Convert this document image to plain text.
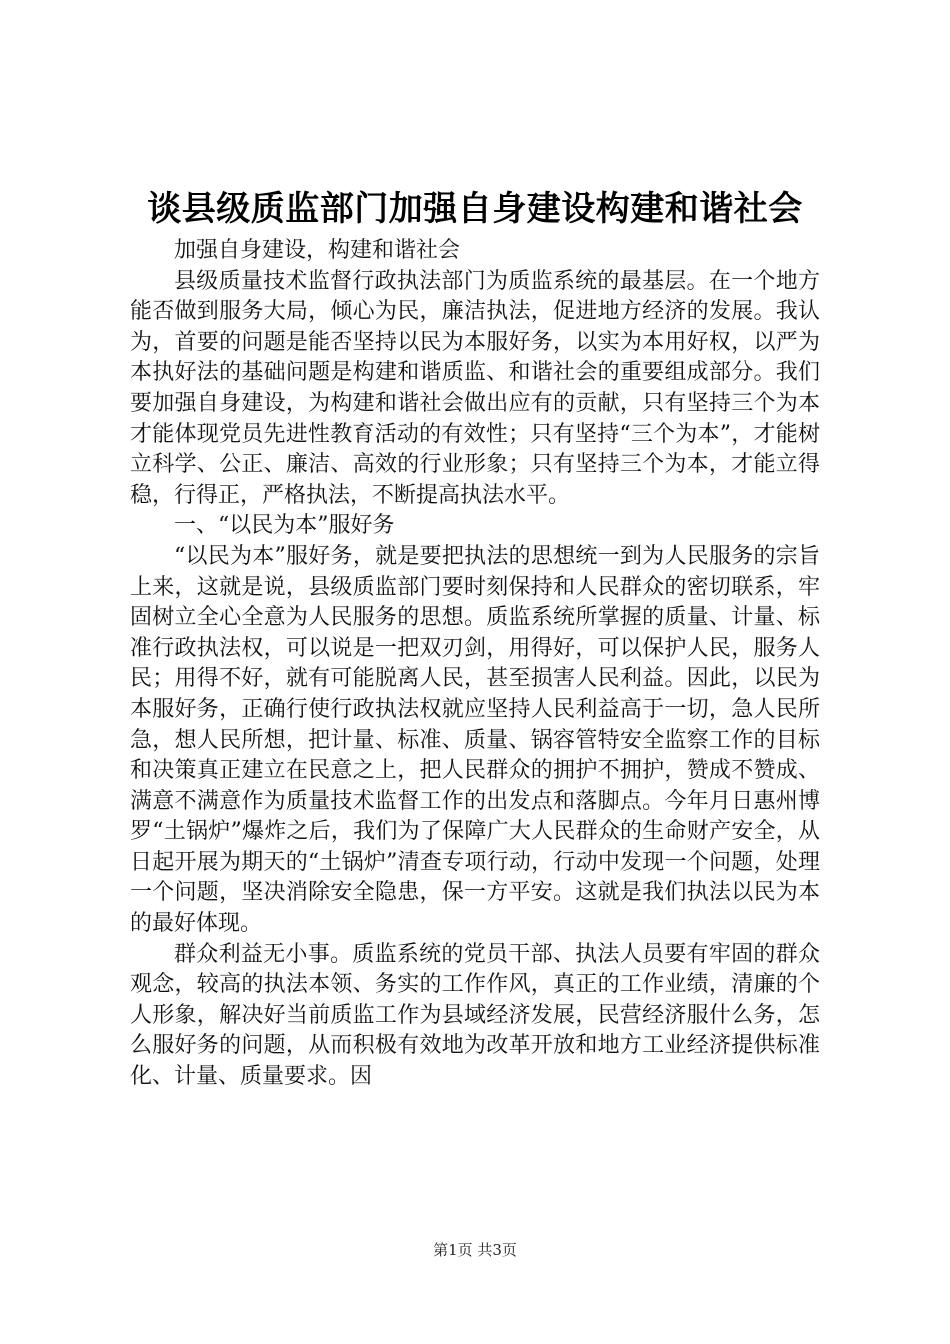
谈县级质监部门加强自身建设构建和谐社会

加强自身建设，构建和谐社会

县级质量技术监督行政执法部门为质监系统的最基层。在一个地方能否做到服务大局，倾心为民，廉洁执法，促进地方经济的发展。我认为，首要的问题是能否坚持以民为本服好务，以实为本用好权，以严为本执好法的基础问题是构建和谐质监、和谐社会的重要组成部分。我们要加强自身建设，为构建和谐社会做出应有的贡献，只有坚持三个为本才能体现党员先进性教育活动的有效性；只有坚持“三个为本”，才能树立科学、公正、廉洁、高效的行业形象；只有坚持三个为本，才能立得稳，行得正，严格执法，不断提高执法水平。

一、“以民为本”服好务

“以民为本”服好务，就是要把执法的思想统一到为人民服务的宗旨上来，这就是说，县级质监部门要时刻保持和人民群众的密切联系，牢固树立全心全意为人民服务的思想。质监系统所掌握的质量、计量、标准行政执法权，可以说是一把双刃剑，用得好，可以保护人民，服务人民；用得不好，就有可能脱离人民，甚至损害人民利益。因此，以民为本服好务，正确行使行政执法权就应坚持人民利益高于一切，急人民所急，想人民所想，把计量、标准、质量、锅容管特安全监察工作的目标和决策真正建立在民意之上，把人民群众的拥护不拥护，赞成不赞成、满意不满意作为质量技术监督工作的出发点和落脚点。今年月日惠州博罗“土锅炉”爆炸之后，我们为了保障广大人民群众的生命财产安全，从日起开展为期天的“土锅炉”清查专项行动，行动中发现一个问题，处理一个问题，坚决消除安全隐患，保一方平安。这就是我们执法以民为本的最好体现。

群众利益无小事。质监系统的党员干部、执法人员要有牢固的群众观念，较高的执法本领、务实的工作作风，真正的工作业绩，清廉的个人形象，解决好当前质监工作为县域经济发展，民营经济服什么务，怎么服好务的问题，从而积极有效地为改革开放和地方工业经济提供标准化、计量、质量要求。因

第1页 共3页
